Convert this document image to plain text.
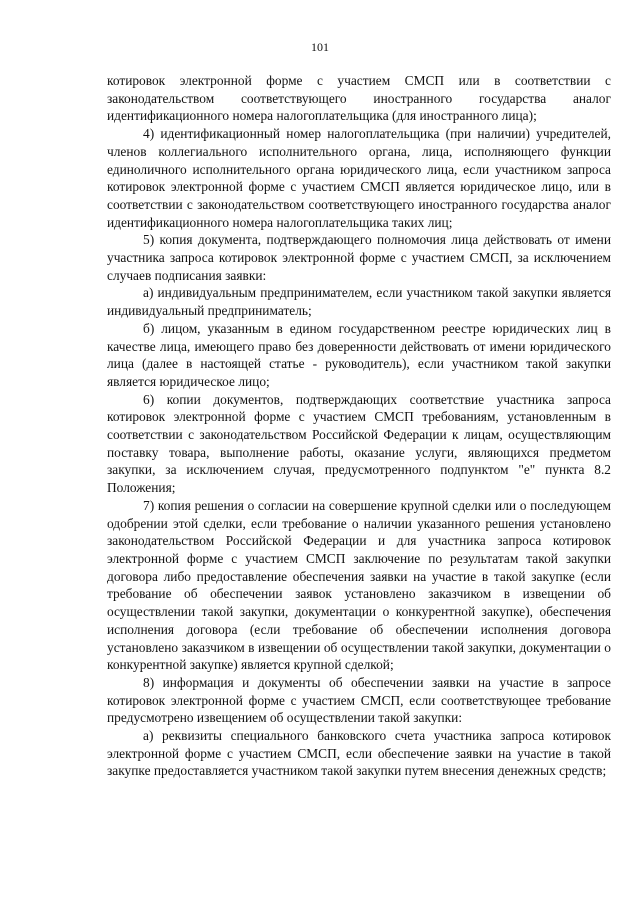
101

котировок электронной форме с участием СМСП или в соответствии с законодательством соответствующего иностранного государства аналог идентификационного номера налогоплательщика (для иностранного лица);

4) идентификационный номер налогоплательщика (при наличии) учредителей, членов коллегиального исполнительного органа, лица, исполняющего функции единоличного исполнительного органа юридического лица, если участником запроса котировок электронной форме с участием СМСП является юридическое лицо, или в соответствии с законодательством соответствующего иностранного государства аналог идентификационного номера налогоплательщика таких лиц;

5) копия документа, подтверждающего полномочия лица действовать от имени участника запроса котировок электронной форме с участием СМСП, за исключением случаев подписания заявки:

а) индивидуальным предпринимателем, если участником такой закупки является индивидуальный предприниматель;

б) лицом, указанным в едином государственном реестре юридических лиц в качестве лица, имеющего право без доверенности действовать от имени юридического лица (далее в настоящей статье - руководитель), если участником такой закупки является юридическое лицо;

6) копии документов, подтверждающих соответствие участника запроса котировок электронной форме с участием СМСП требованиям, установленным в соответствии с законодательством Российской Федерации к лицам, осуществляющим поставку товара, выполнение работы, оказание услуги, являющихся предметом закупки, за исключением случая, предусмотренного подпунктом "е" пункта 8.2 Положения;

7) копия решения о согласии на совершение крупной сделки или о последующем одобрении этой сделки, если требование о наличии указанного решения установлено законодательством Российской Федерации и для участника запроса котировок электронной форме с участием СМСП заключение по результатам такой закупки договора либо предоставление обеспечения заявки на участие в такой закупке (если требование об обеспечении заявок установлено заказчиком в извещении об осуществлении такой закупки, документации о конкурентной закупке), обеспечения исполнения договора (если требование об обеспечении исполнения договора установлено заказчиком в извещении об осуществлении такой закупки, документации о конкурентной закупке) является крупной сделкой;

8) информация и документы об обеспечении заявки на участие в запросе котировок электронной форме с участием СМСП, если соответствующее требование предусмотрено извещением об осуществлении такой закупки:

а) реквизиты специального банковского счета участника запроса котировок электронной форме с участием СМСП, если обеспечение заявки на участие в такой закупке предоставляется участником такой закупки путем внесения денежных средств;
